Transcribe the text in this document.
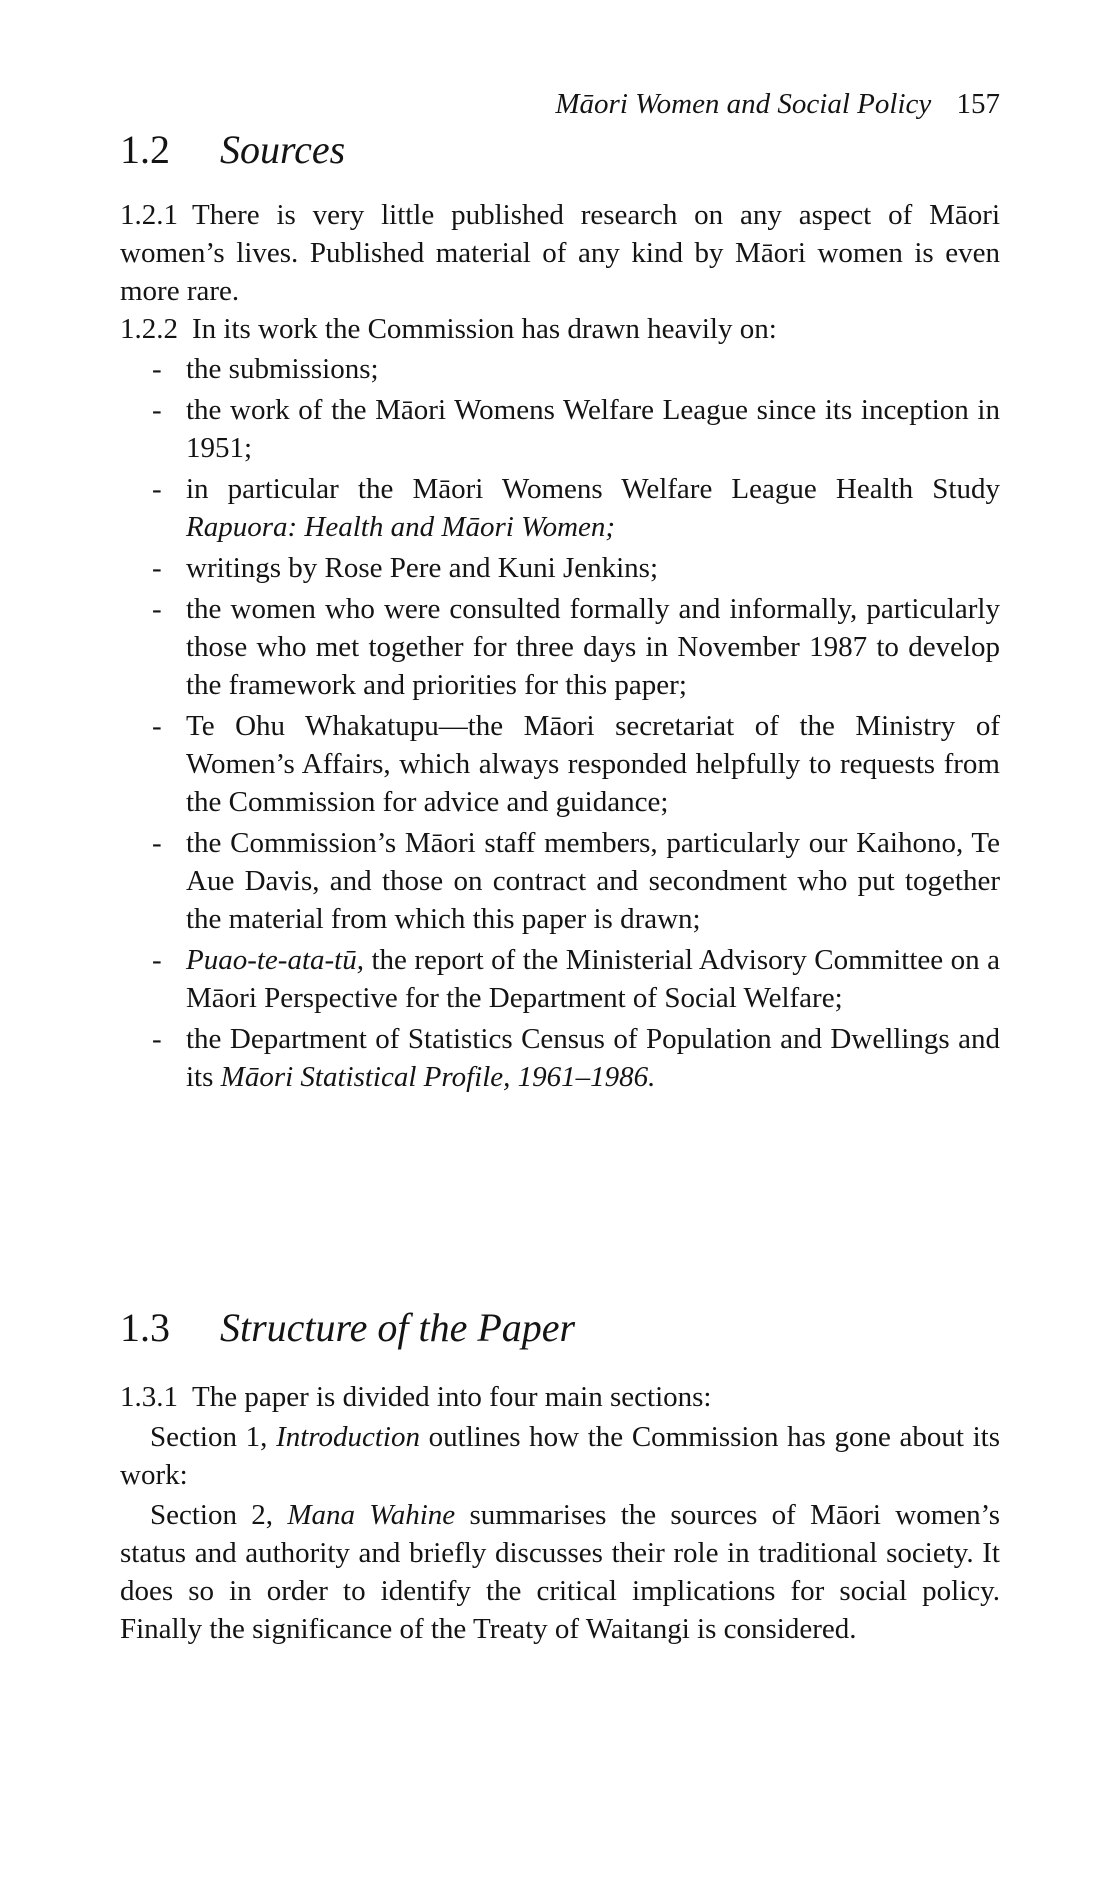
Māori Women and Social Policy 157
1.2 Sources

1.2.1 There is very little published research on any aspect of Māori women’s lives. Published material of any kind by Māori women is even more rare.

1.2.2 In its work the Commission has drawn heavily on:

- the submissions;
- the work of the Māori Womens Welfare League since its inception in 1951;
- in particular the Māori Womens Welfare League Health Study Rapuora: Health and Māori Women;
- writings by Rose Pere and Kuni Jenkins;
- the women who were consulted formally and informally, particularly those who met together for three days in November 1987 to develop the framework and priorities for this paper;
- Te Ohu Whakatupu—the Māori secretariat of the Ministry of Women’s Affairs, which always responded helpfully to requests from the Commission for advice and guidance;
- the Commission’s Māori staff members, particularly our Kaihono, Te Aue Davis, and those on contract and secondment who put together the material from which this paper is drawn;
- Puao-te-ata-tū, the report of the Ministerial Advisory Committee on a Māori Perspective for the Department of Social Welfare;
- the Department of Statistics Census of Population and Dwellings and its Māori Statistical Profile, 1961–1986.
1.3 Structure of the Paper

1.3.1 The paper is divided into four main sections:

Section 1, Introduction outlines how the Commission has gone about its work:

Section 2, Mana Wahine summarises the sources of Māori women’s status and authority and briefly discusses their role in traditional society. It does so in order to identify the critical implications for social policy. Finally the significance of the Treaty of Waitangi is considered.
